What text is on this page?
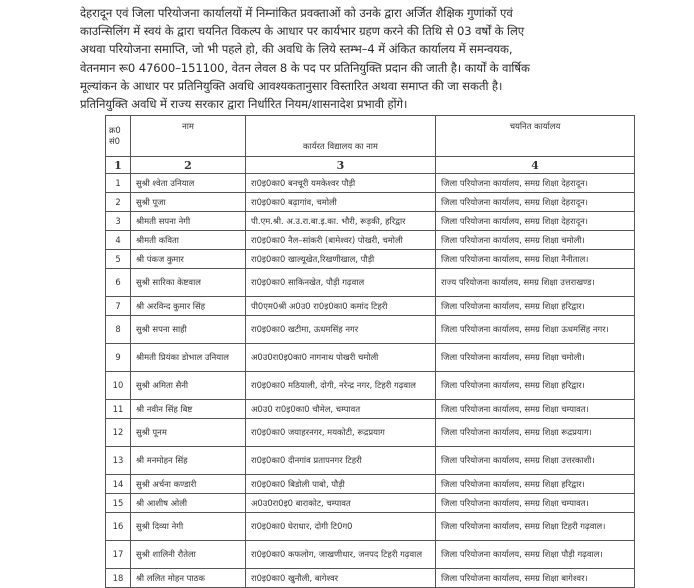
देहरादून एवं जिला परियोजना कार्यालयों में निम्नांकित प्रवक्ताओं को उनके द्वारा अर्जित शैक्षिक गुणांकों एवं
काउन्सिलिंग में स्वयं के द्वारा चयनित विकल्प के आधार पर कार्यभार ग्रहण करने की तिथि से 03 वर्षों के लिए
अथवा परियोजना समाप्ति, जो भी पहले हो, की अवधि के लिये स्तम्भ–4 में अंकित कार्यालय में समन्वयक,
वेतनमान रू0 47600–151100, वेतन लेवल 8 के पद पर प्रतिनियुक्ति प्रदान की जाती है। कार्यों के वार्षिक
मूल्यांकन के आधार पर प्रतिनियुक्ति अवधि आवश्यकतानुसार विस्तारित अथवा समाप्त की जा सकती है।
प्रतिनियुक्ति अवधि में राज्य सरकार द्वारा निर्धारित नियम/शासनादेश प्रभावी होंगे।
क्र0 सं0	नाम	कार्यरत विद्यालय का नाम	चयनित कार्यालय
1	2	3	4
1	सुश्री श्वेता उनियाल	रा0इ0का0 बनचूरी यमकेश्वर पौड़ी	जिला परियोजना कार्यालय, समग्र शिक्षा देहरादून।
2	सुश्री पूजा	रा0इ0का0 बढ़ागांव, चमोली	जिला परियोजना कार्यालय, समग्र शिक्षा देहरादून।
3	श्रीमती सपना नेगी	पी.एम.श्री. अ.उ.रा.बा.इ.का. भौरी, रूड़की, हरिद्वार	जिला परियोजना कार्यालय, समग्र शिक्षा देहरादून।
4	श्रीमती कविता	रा0इ0का0 नैल–सांकरी (बामेश्वर) पोखरी, चमोली	जिला परियोजना कार्यालय, समग्र शिक्षा चमोली।
5	श्री पंकज कुमार	रा0इ0का0 खाल्यूखेत,रिखणीखाल, पौड़ी	जिला परियोजना कार्यालय, समग्र शिक्षा नैनीताल।
6	सुश्री सारिका केष्टवाल	रा0इ0का0 साकिनखेत, पौड़ी गढ़वाल	राज्य परियोजना कार्यालय, समग्र शिक्षा उत्तराखण्ड।
7	श्री अरविन्द कुमार सिंह	पी0एम0श्री अ0उ0 रा0इ0का0 कमांद टिहरी	जिला परियोजना कार्यालय, समग्र शिक्षा हरिद्वार।
8	सुश्री सपना साही	रा0इ0का0 खटीमा, ऊधमसिंह नगर	जिला परियोजना कार्यालय, समग्र शिक्षा ऊधमसिंह नगर।
9	श्रीमती प्रियंका डोभाल उनियाल	अ0उ0रा0इ0का0 नागनाथ पोखरी चमोली	जिला परियोजना कार्यालय, समग्र शिक्षा चमोली।
10	सुश्री अमिता सैनी	रा0इ0का0 मठियाली, दोगी, नरेन्द्र नगर, टिहरी गढ़वाल	जिला परियोजना कार्यालय, समग्र शिक्षा हरिद्वार।
11	श्री नवीन सिंह बिष्ट	अ0उ0 रा0इ0का0 चौमेल, चम्पावत	जिला परियोजना कार्यालय, समग्र शिक्षा चम्पावत।
12	सुश्री पूनम	रा0इ0का0 जयाहरनगर, मयकोटी, रूद्रप्रयाग	जिला परियोजना कार्यालय, समग्र शिक्षा रूद्रप्रयाग।
13	श्री मनमोहन सिंह	रा0इ0का0 दीनगांव प्रतापनगर टिहरी	जिला परियोजना कार्यालय, समग्र शिक्षा उत्तरकाशी।
14	सुश्री अर्चना कण्डारी	रा0इ0का0 बिडोली पाबो, पौड़ी	जिला परियोजना कार्यालय, समग्र शिक्षा हरिद्वार।
15	श्री आशीष ओली	अ0उ0रा0इ0 बाराकोट, चम्पावत	जिला परियोजना कार्यालय, समग्र शिक्षा चम्पावत।
16	सुश्री दिव्या नेगी	रा0इ0का0 घेराधार, दोगी टि0ग0	जिला परियोजना कार्यालय, समग्र शिक्षा टिहरी गढ़वाल।
17	सुश्री शालिनी रौतेला	रा0इ0का0 कफलोग, जाखणीधार, जनपद टिहरी गढ़वाल	जिला परियोजना कार्यालय, समग्र शिक्षा पौड़ी गढ़वाल।
18	श्री ललित मोहन पाठक	रा0इ0का0 खुनौली, बागेश्वर	जिला परियोजना कार्यालय, समग्र शिक्षा बागेश्वर।
